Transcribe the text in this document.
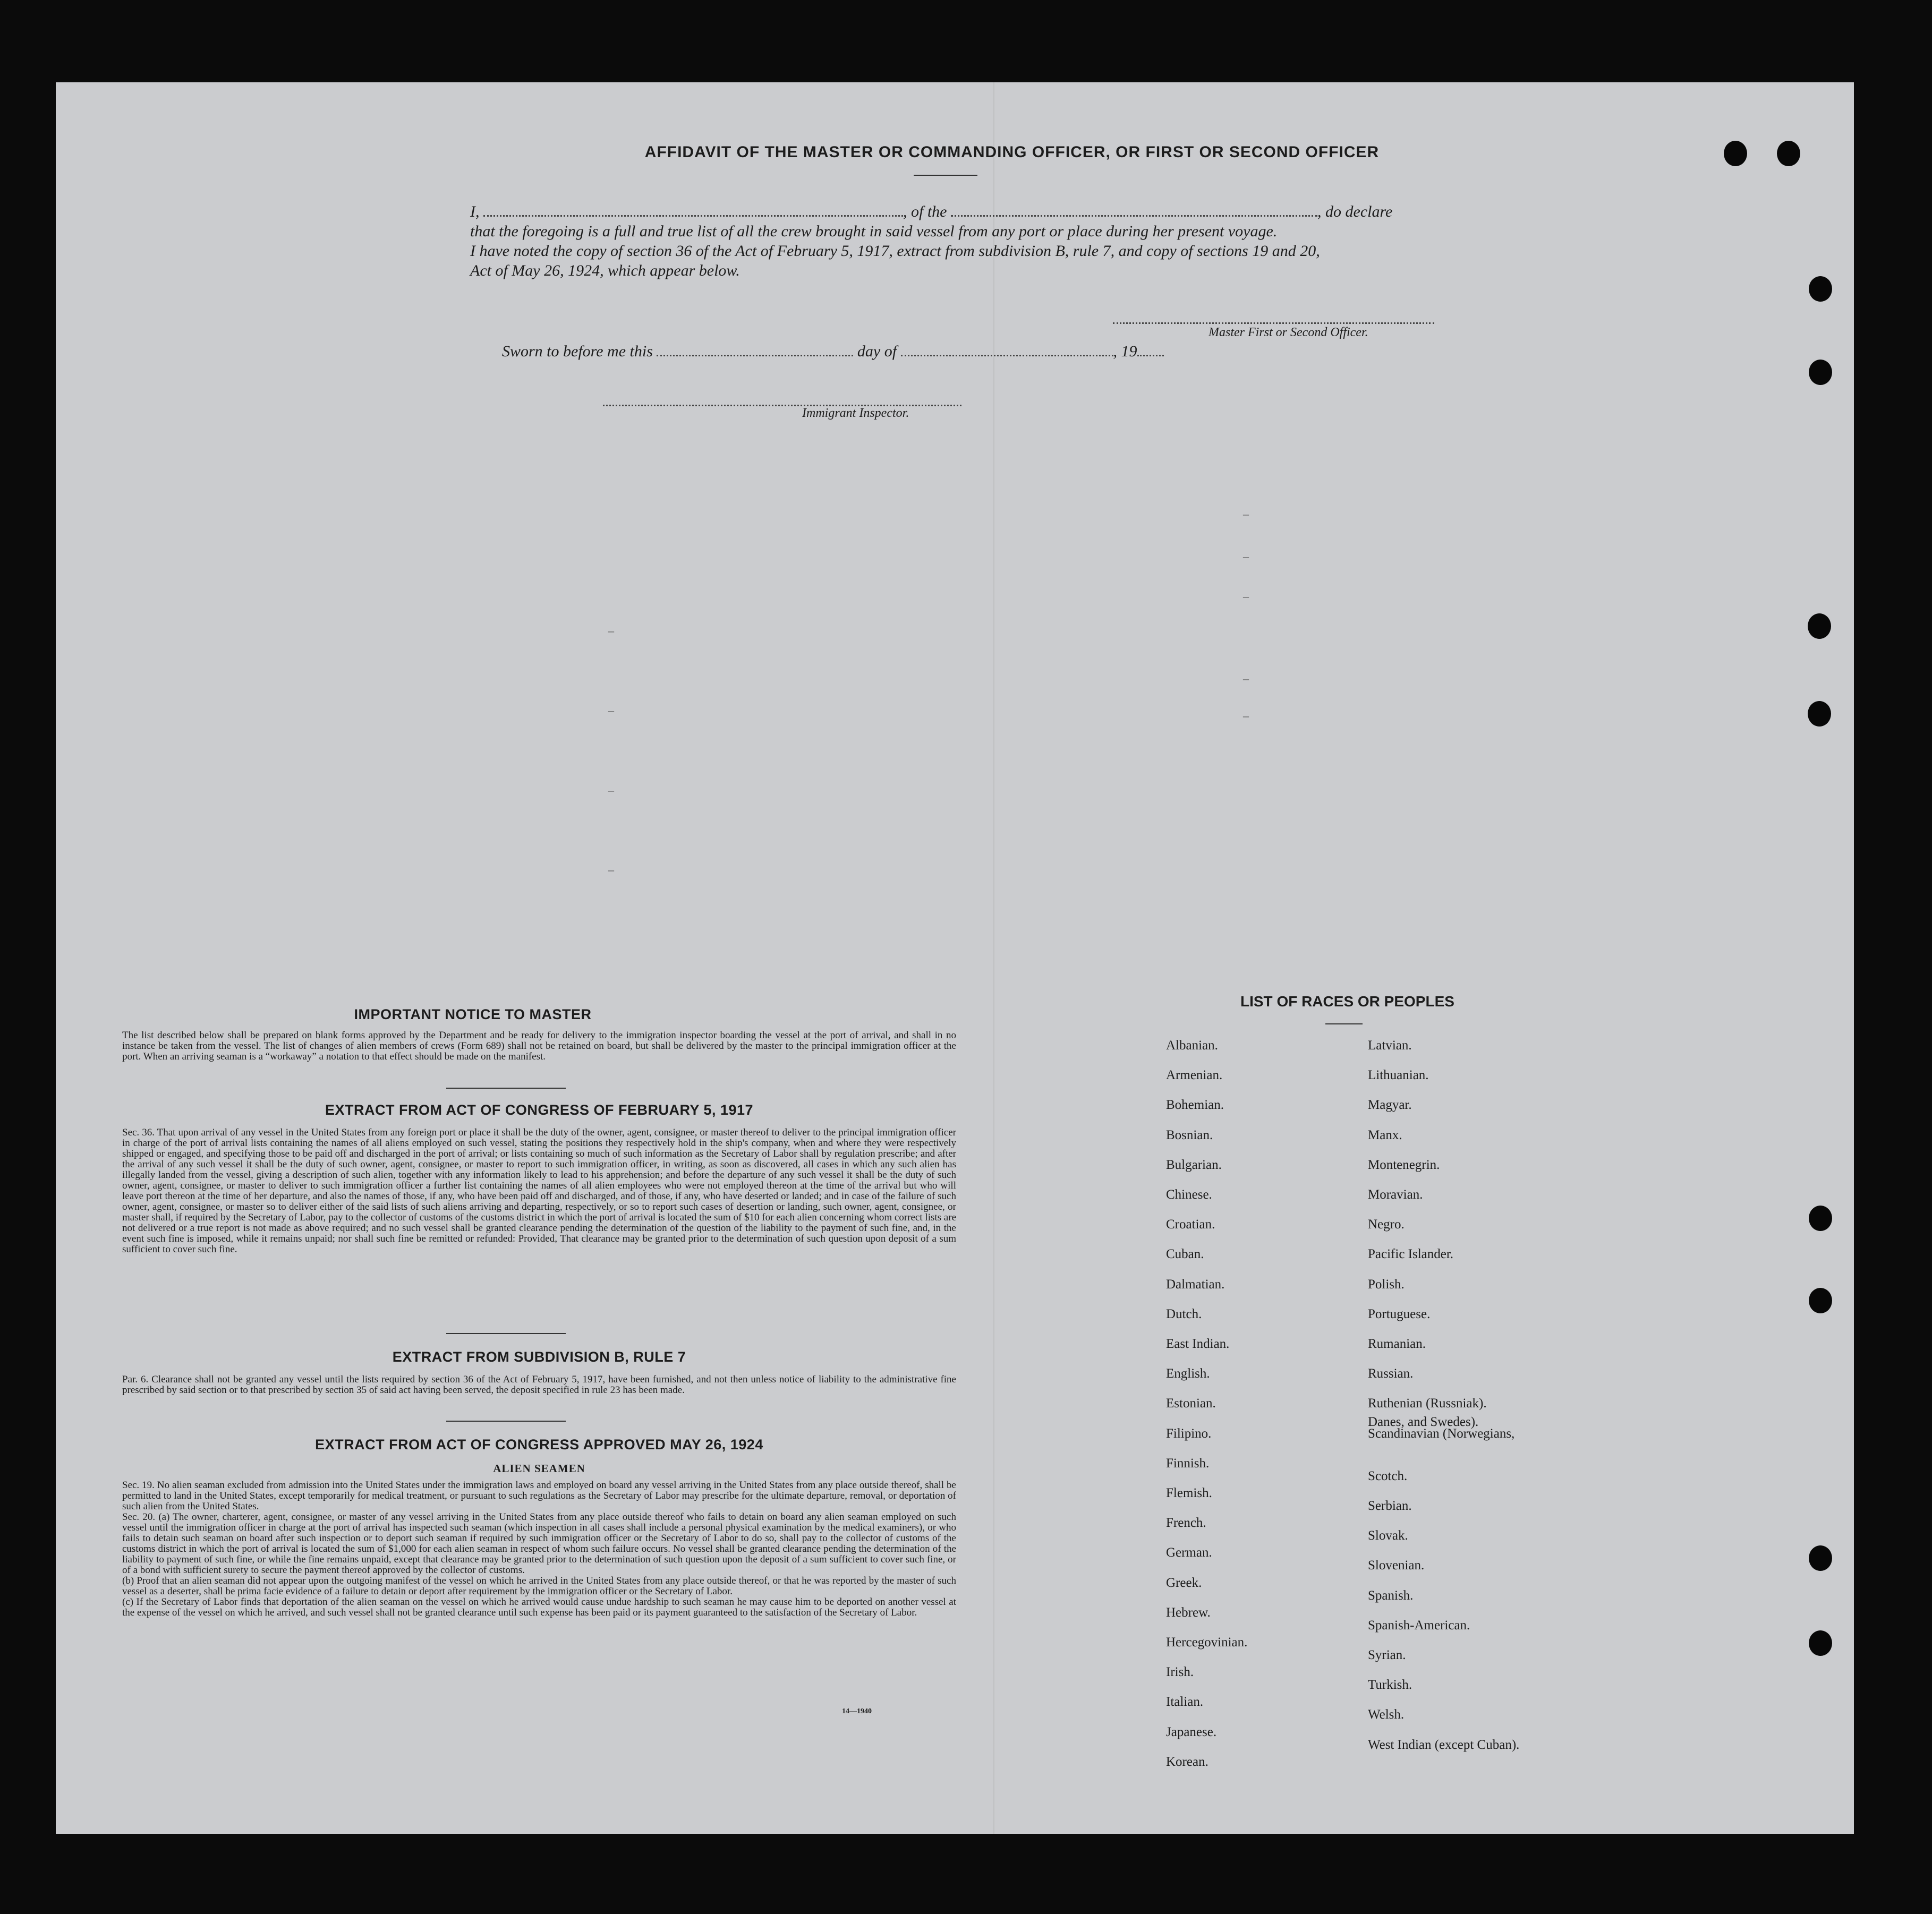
AFFIDAVIT OF THE MASTER OR COMMANDING OFFICER, OR FIRST OR SECOND OFFICER
I,	, of the	, do declare
that the foregoing is a full and true list of all the crew brought in said vessel from any port or place during her present voyage.
I have noted the copy of section 36 of the Act of February 5, 1917, extract from subdivision B, rule 7, and copy of sections 19 and 20,
Act of May 26, 1924, which appear below.
Master First or Second Officer.
Sworn to before me this	day of	, 19
Immigrant Inspector.
–
–
–
–
–
–
–
–
–
IMPORTANT NOTICE TO MASTER
The list described below shall be prepared on blank forms approved by the Department and be ready for delivery to the immigration inspector boarding the vessel at the port of arrival, and shall in no instance be taken from the vessel. The list of changes of alien members of crews (Form 689) shall not be retained on board, but shall be delivered by the master to the principal immigration officer at the port. When an arriving seaman is a “workaway” a notation to that effect should be made on the manifest.
EXTRACT FROM ACT OF CONGRESS OF FEBRUARY 5, 1917
Sec. 36. That upon arrival of any vessel in the United States from any foreign port or place it shall be the duty of the owner, agent, consignee, or master thereof to deliver to the principal immigration officer in charge of the port of arrival lists containing the names of all aliens employed on such vessel, stating the positions they respectively hold in the ship's company, when and where they were respectively shipped or engaged, and specifying those to be paid off and discharged in the port of arrival; or lists containing so much of such information as the Secretary of Labor shall by regulation prescribe; and after the arrival of any such vessel it shall be the duty of such owner, agent, consignee, or master to report to such immigration officer, in writing, as soon as discovered, all cases in which any such alien has illegally landed from the vessel, giving a description of such alien, together with any information likely to lead to his apprehension; and before the departure of any such vessel it shall be the duty of such owner, agent, consignee, or master to deliver to such immigration officer a further list containing the names of all alien employees who were not employed thereon at the time of the arrival but who will leave port thereon at the time of her departure, and also the names of those, if any, who have been paid off and discharged, and of those, if any, who have deserted or landed; and in case of the failure of such owner, agent, consignee, or master so to deliver either of the said lists of such aliens arriving and departing, respectively, or so to report such cases of desertion or landing, such owner, agent, consignee, or master shall, if required by the Secretary of Labor, pay to the collector of customs of the customs district in which the port of arrival is located the sum of $10 for each alien concerning whom correct lists are not delivered or a true report is not made as above required; and no such vessel shall be granted clearance pending the determination of the question of the liability to the payment of such fine, and, in the event such fine is imposed, while it remains unpaid; nor shall such fine be remitted or refunded: Provided, That clearance may be granted prior to the determination of such question upon deposit of a sum sufficient to cover such fine.
EXTRACT FROM SUBDIVISION B, RULE 7
Par. 6. Clearance shall not be granted any vessel until the lists required by section 36 of the Act of February 5, 1917, have been furnished, and not then unless notice of liability to the administrative fine prescribed by said section or to that prescribed by section 35 of said act having been served, the deposit specified in rule 23 has been made.
EXTRACT FROM ACT OF CONGRESS APPROVED MAY 26, 1924
ALIEN SEAMEN
Sec. 19. No alien seaman excluded from admission into the United States under the immigration laws and employed on board any vessel arriving in the United States from any place outside thereof, shall be permitted to land in the United States, except temporarily for medical treatment, or pursuant to such regulations as the Secretary of Labor may prescribe for the ultimate departure, removal, or deportation of such alien from the United States.
Sec. 20. (a) The owner, charterer, agent, consignee, or master of any vessel arriving in the United States from any place outside thereof who fails to detain on board any alien seaman employed on such vessel until the immigration officer in charge at the port of arrival has inspected such seaman (which inspection in all cases shall include a personal physical examination by the medical examiners), or who fails to detain such seaman on board after such inspection or to deport such seaman if required by such immigration officer or the Secretary of Labor to do so, shall pay to the collector of customs of the customs district in which the port of arrival is located the sum of $1,000 for each alien seaman in respect of whom such failure occurs. No vessel shall be granted clearance pending the determination of the liability to payment of such fine, or while the fine remains unpaid, except that clearance may be granted prior to the determination of such question upon the deposit of a sum sufficient to cover such fine, or of a bond with sufficient surety to secure the payment thereof approved by the collector of customs.
(b) Proof that an alien seaman did not appear upon the outgoing manifest of the vessel on which he arrived in the United States from any place outside thereof, or that he was reported by the master of such vessel as a deserter, shall be prima facie evidence of a failure to detain or deport after requirement by the immigration officer or the Secretary of Labor.
(c) If the Secretary of Labor finds that deportation of the alien seaman on the vessel on which he arrived would cause undue hardship to such seaman he may cause him to be deported on another vessel at the expense of the vessel on which he arrived, and such vessel shall not be granted clearance until such expense has been paid or its payment guaranteed to the satisfaction of the Secretary of Labor.
14—1940
LIST OF RACES OR PEOPLES
Albanian.
Armenian.
Bohemian.
Bosnian.
Bulgarian.
Chinese.
Croatian.
Cuban.
Dalmatian.
Dutch.
East Indian.
English.
Estonian.
Filipino.
Finnish.
Flemish.
French.
German.
Greek.
Hebrew.
Hercegovinian.
Irish.
Italian.
Japanese.
Korean.
Latvian.
Lithuanian.
Magyar.
Manx.
Montenegrin.
Moravian.
Negro.
Pacific Islander.
Polish.
Portuguese.
Rumanian.
Russian.
Ruthenian (Russniak).
Scandinavian (Norwegians,
Danes, and Swedes).
Scotch.
Serbian.
Slovak.
Slovenian.
Spanish.
Spanish-American.
Syrian.
Turkish.
Welsh.
West Indian (except Cuban).
